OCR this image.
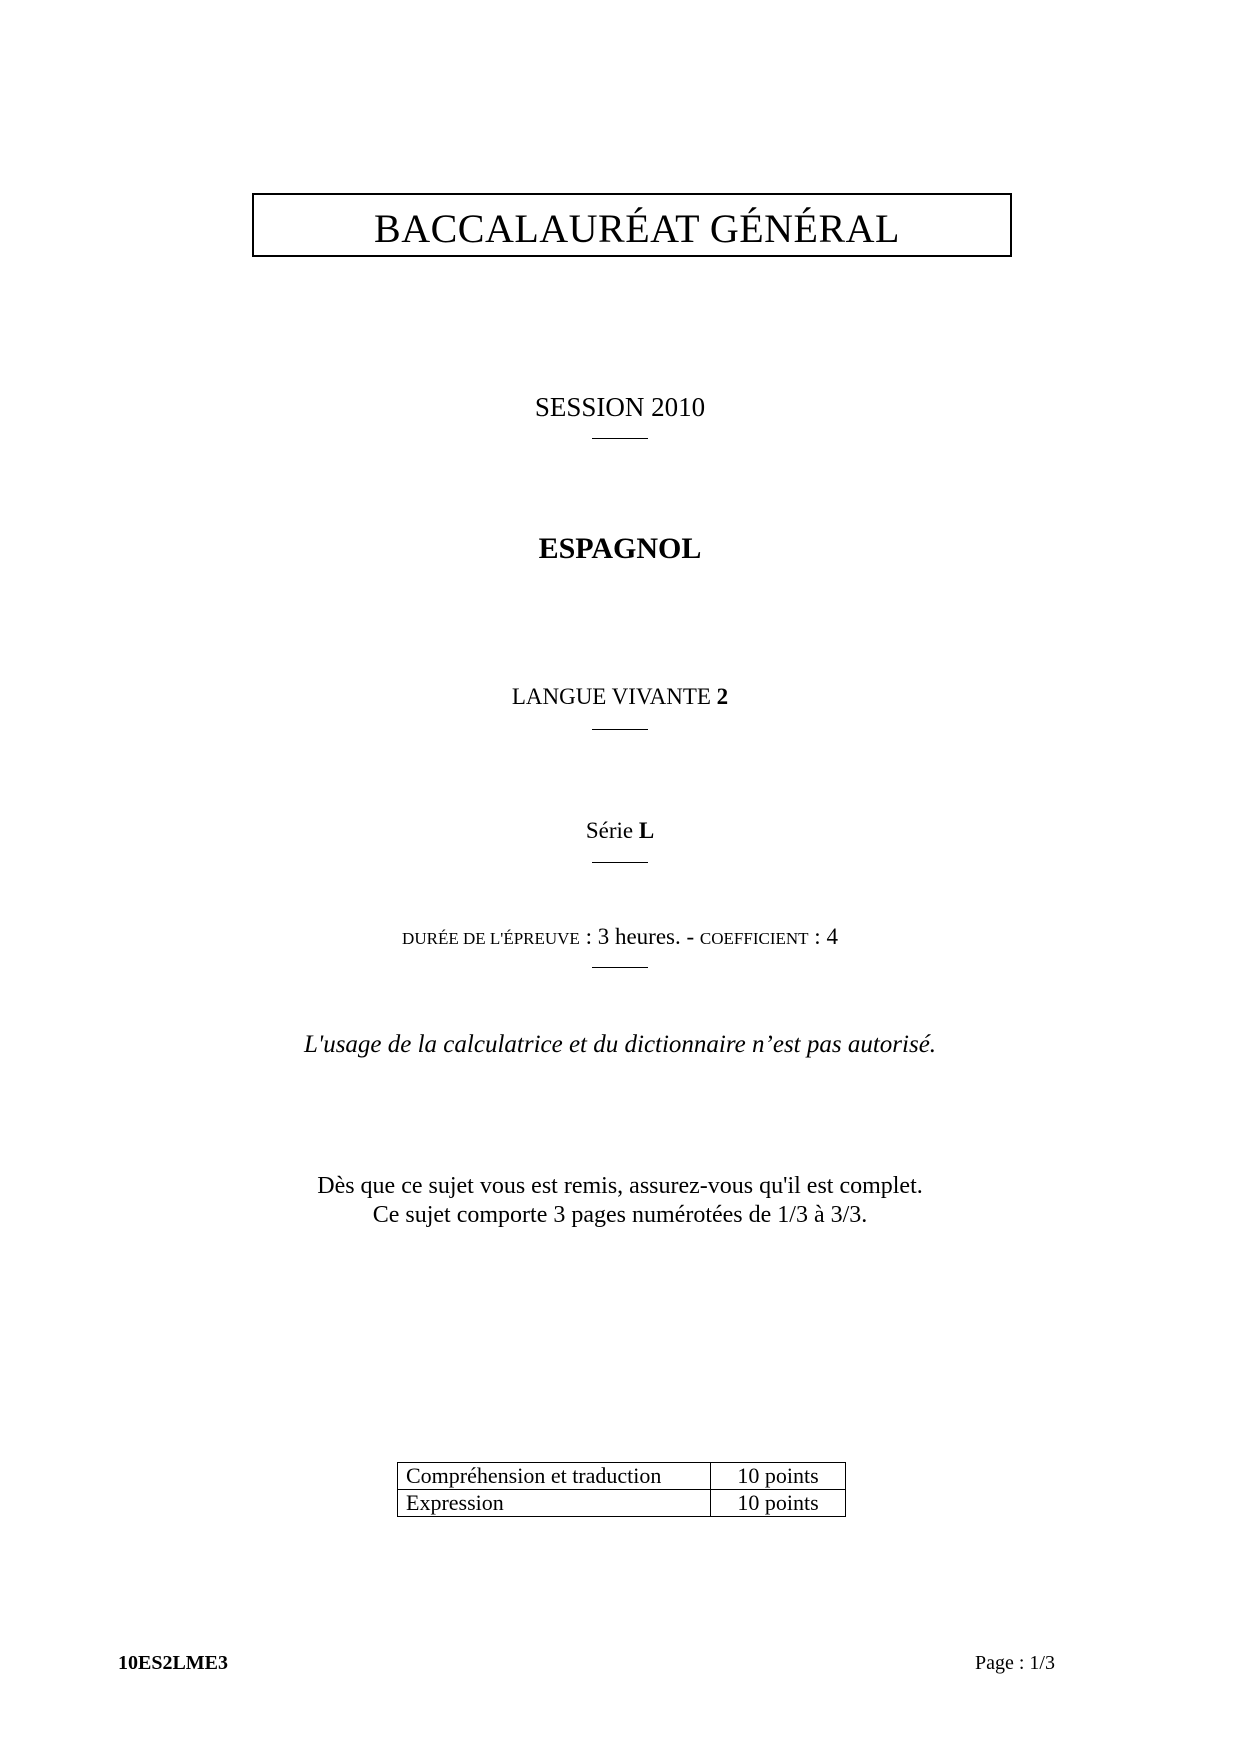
BACCALAURÉAT GÉNÉRAL
SESSION 2010
ESPAGNOL
LANGUE VIVANTE 2
Série L
DURÉE DE L'ÉPREUVE : 3 heures. - COEFFICIENT : 4
L'usage de la calculatrice et du dictionnaire n’est pas autorisé.
Dès que ce sujet vous est remis, assurez-vous qu'il est complet.
Ce sujet comporte 3 pages numérotées de 1/3 à 3/3.
Compréhension et traduction	10 points
Expression	10 points
10ES2LME3	Page : 1/3
